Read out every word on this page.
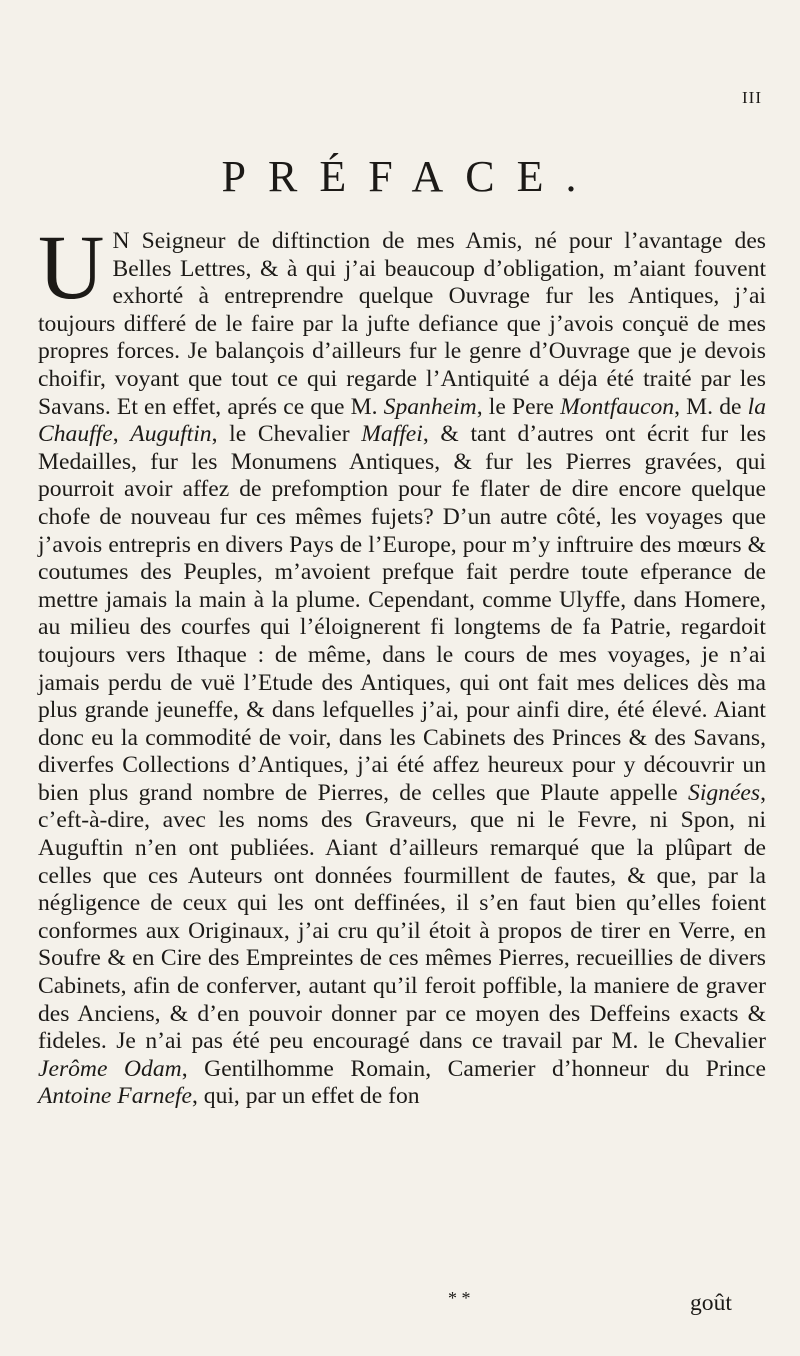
III
PRÉFACE.

U N Seigneur de diftinction de mes Amis, né pour l’avantage des Belles Lettres, & à qui j’ai beaucoup d’obligation, m’aiant fouvent exhorté à entreprendre quelque Ouvrage fur les Antiques, j’ai toujours differé de le faire par la jufte defiance que j’avois conçuë de mes propres forces. Je balançois d’ailleurs fur le genre d’Ouvrage que je devois choifir, voyant que tout ce qui regarde l’Antiquité a déja été traité par les Savans. Et en effet, aprés ce que M. Spanheim, le Pere Montfaucon, M. de la Chauffe, Auguftin, le Chevalier Maffei, & tant d’autres ont écrit fur les Medailles, fur les Monumens Antiques, & fur les Pierres gravées, qui pourroit avoir affez de prefomption pour fe flater de dire encore quelque chofe de nouveau fur ces mêmes fujets? D’un autre côté, les voyages que j’avois entrepris en divers Pays de l’Europe, pour m’y inftruire des mœurs & coutumes des Peuples, m’avoient prefque fait perdre toute efperance de mettre jamais la main à la plume. Cependant, comme Ulyffe, dans Homere, au milieu des courfes qui l’éloignerent fi longtems de fa Patrie, regardoit toujours vers Ithaque : de même, dans le cours de mes voyages, je n’ai jamais perdu de vuë l’Etude des Antiques, qui ont fait mes delices dès ma plus grande jeuneffe, & dans lefquelles j’ai, pour ainfi dire, été élevé. Aiant donc eu la commodité de voir, dans les Cabinets des Princes & des Savans, diverfes Collections d’Antiques, j’ai été affez heureux pour y découvrir un bien plus grand nombre de Pierres, de celles que Plaute appelle Signées, c’eft-à-dire, avec les noms des Graveurs, que ni le Fevre, ni Spon, ni Auguftin n’en ont publiées. Aiant d’ailleurs remarqué que la plûpart de celles que ces Auteurs ont données fourmillent de fautes, & que, par la négligence de ceux qui les ont deffinées, il s’en faut bien qu’elles foient conformes aux Originaux, j’ai cru qu’il étoit à propos de tirer en Verre, en Soufre & en Cire des Empreintes de ces mêmes Pierres, recueillies de divers Cabinets, afin de conferver, autant qu’il feroit poffible, la maniere de graver des Anciens, & d’en pouvoir donner par ce moyen des Deffeins exacts & fideles. Je n’ai pas été peu encouragé dans ce travail par M. le Chevalier Jerôme Odam, Gentilhomme Romain, Camerier d’honneur du Prince Antoine Farnefe, qui, par un effet de fon

* *	goût
